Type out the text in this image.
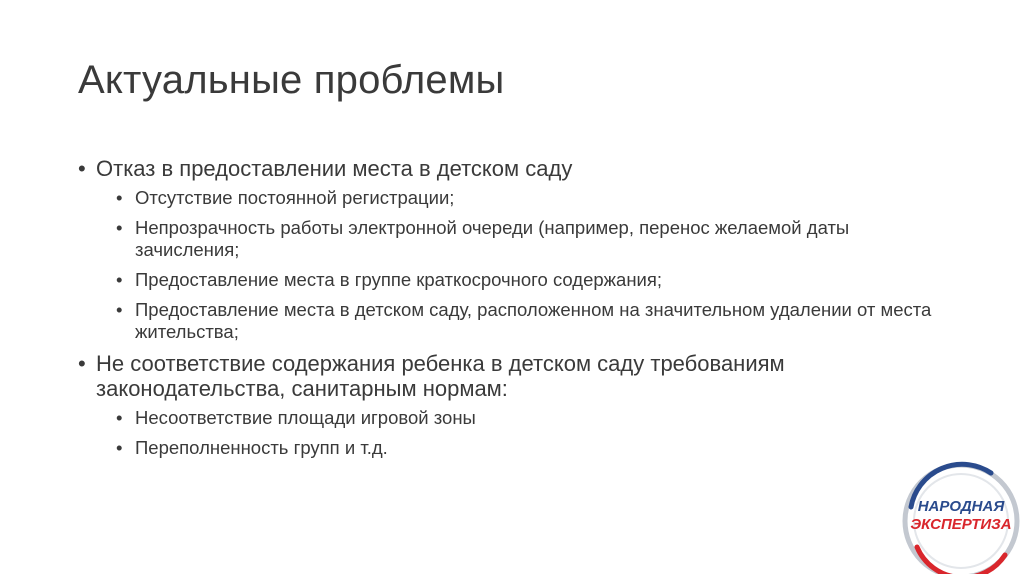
Актуальные проблемы
• Отказ в предоставлении места в детском саду
• Отсутствие постоянной регистрации;
• Непрозрачность работы электронной очереди (например, перенос желаемой даты зачисления;
• Предоставление места в группе краткосрочного содержания;
• Предоставление места в детском саду, расположенном на значительном удалении от места жительства;
• Не соответствие содержания ребенка в детском саду требованиям законодательства, санитарным нормам:
• Несоответствие площади игровой зоны
• Переполненность групп и т.д.
НАРОДНАЯ
ЭКСПЕРТИЗА
